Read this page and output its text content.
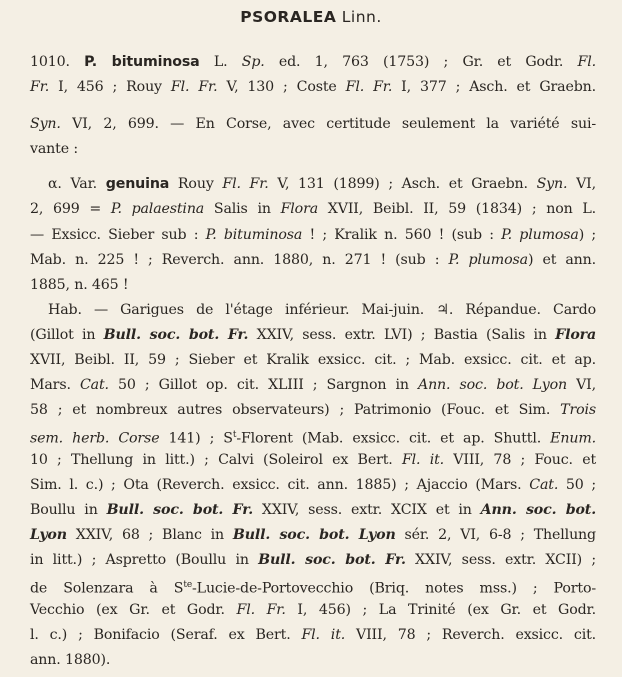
PSORALEA Linn.
1010. P. bituminosa L. Sp. ed. 1, 763 (1753) ; Gr. et Godr. Fl.
Fr. I, 456 ; Rouy Fl. Fr. V, 130 ; Coste Fl. Fr. I, 377 ; Asch. et Graebn.
Syn. VI, 2, 699. — En Corse, avec certitude seulement la variété sui-
vante :
α. Var. genuina Rouy Fl. Fr. V, 131 (1899) ; Asch. et Graebn. Syn. VI,
2, 699 = P. palaestina Salis in Flora XVII, Beibl. II, 59 (1834) ; non L.
— Exsicc. Sieber sub : P. bituminosa ! ; Kralik n. 560 ! (sub : P. plumosa) ;
Mab. n. 225 ! ; Reverch. ann. 1880, n. 271 ! (sub : P. plumosa) et ann.
1885, n. 465 !
Hab. — Garigues de l'étage inférieur. Mai-juin. ♃. Répandue. Cardo
(Gillot in Bull. soc. bot. Fr. XXIV, sess. extr. LVI) ; Bastia (Salis in Flora
XVII, Beibl. II, 59 ; Sieber et Kralik exsicc. cit. ; Mab. exsicc. cit. et ap.
Mars. Cat. 50 ; Gillot op. cit. XLIII ; Sargnon in Ann. soc. bot. Lyon VI,
58 ; et nombreux autres observateurs) ; Patrimonio (Fouc. et Sim. Trois
sem. herb. Corse 141) ; $S^t$-Florent (Mab. exsicc. cit. et ap. Shuttl. Enum.
10 ; Thellung in litt.) ; Calvi (Soleirol ex Bert. Fl. it. VIII, 78 ; Fouc. et
Sim. l. c.) ; Ota (Reverch. exsicc. cit. ann. 1885) ; Ajaccio (Mars. Cat. 50 ;
Boullu in Bull. soc. bot. Fr. XXIV, sess. extr. XCIX et in Ann. soc. bot.
Lyon XXIV, 68 ; Blanc in Bull. soc. bot. Lyon sér. 2, VI, 6-8 ; Thellung
in litt.) ; Aspretto (Boullu in Bull. soc. bot. Fr. XXIV, sess. extr. XCII) ;
de Solenzara à $S^{te}-Lucie-de$-Portovecchio (Briq. notes mss.) ; Porto-
Vecchio (ex Gr. et Godr. Fl. Fr. I, 456) ; La Trinité (ex Gr. et Godr.
l. c.) ; Bonifacio (Seraf. ex Bert. Fl. it. VIII, 78 ; Reverch. exsicc. cit.
ann. 1880).
